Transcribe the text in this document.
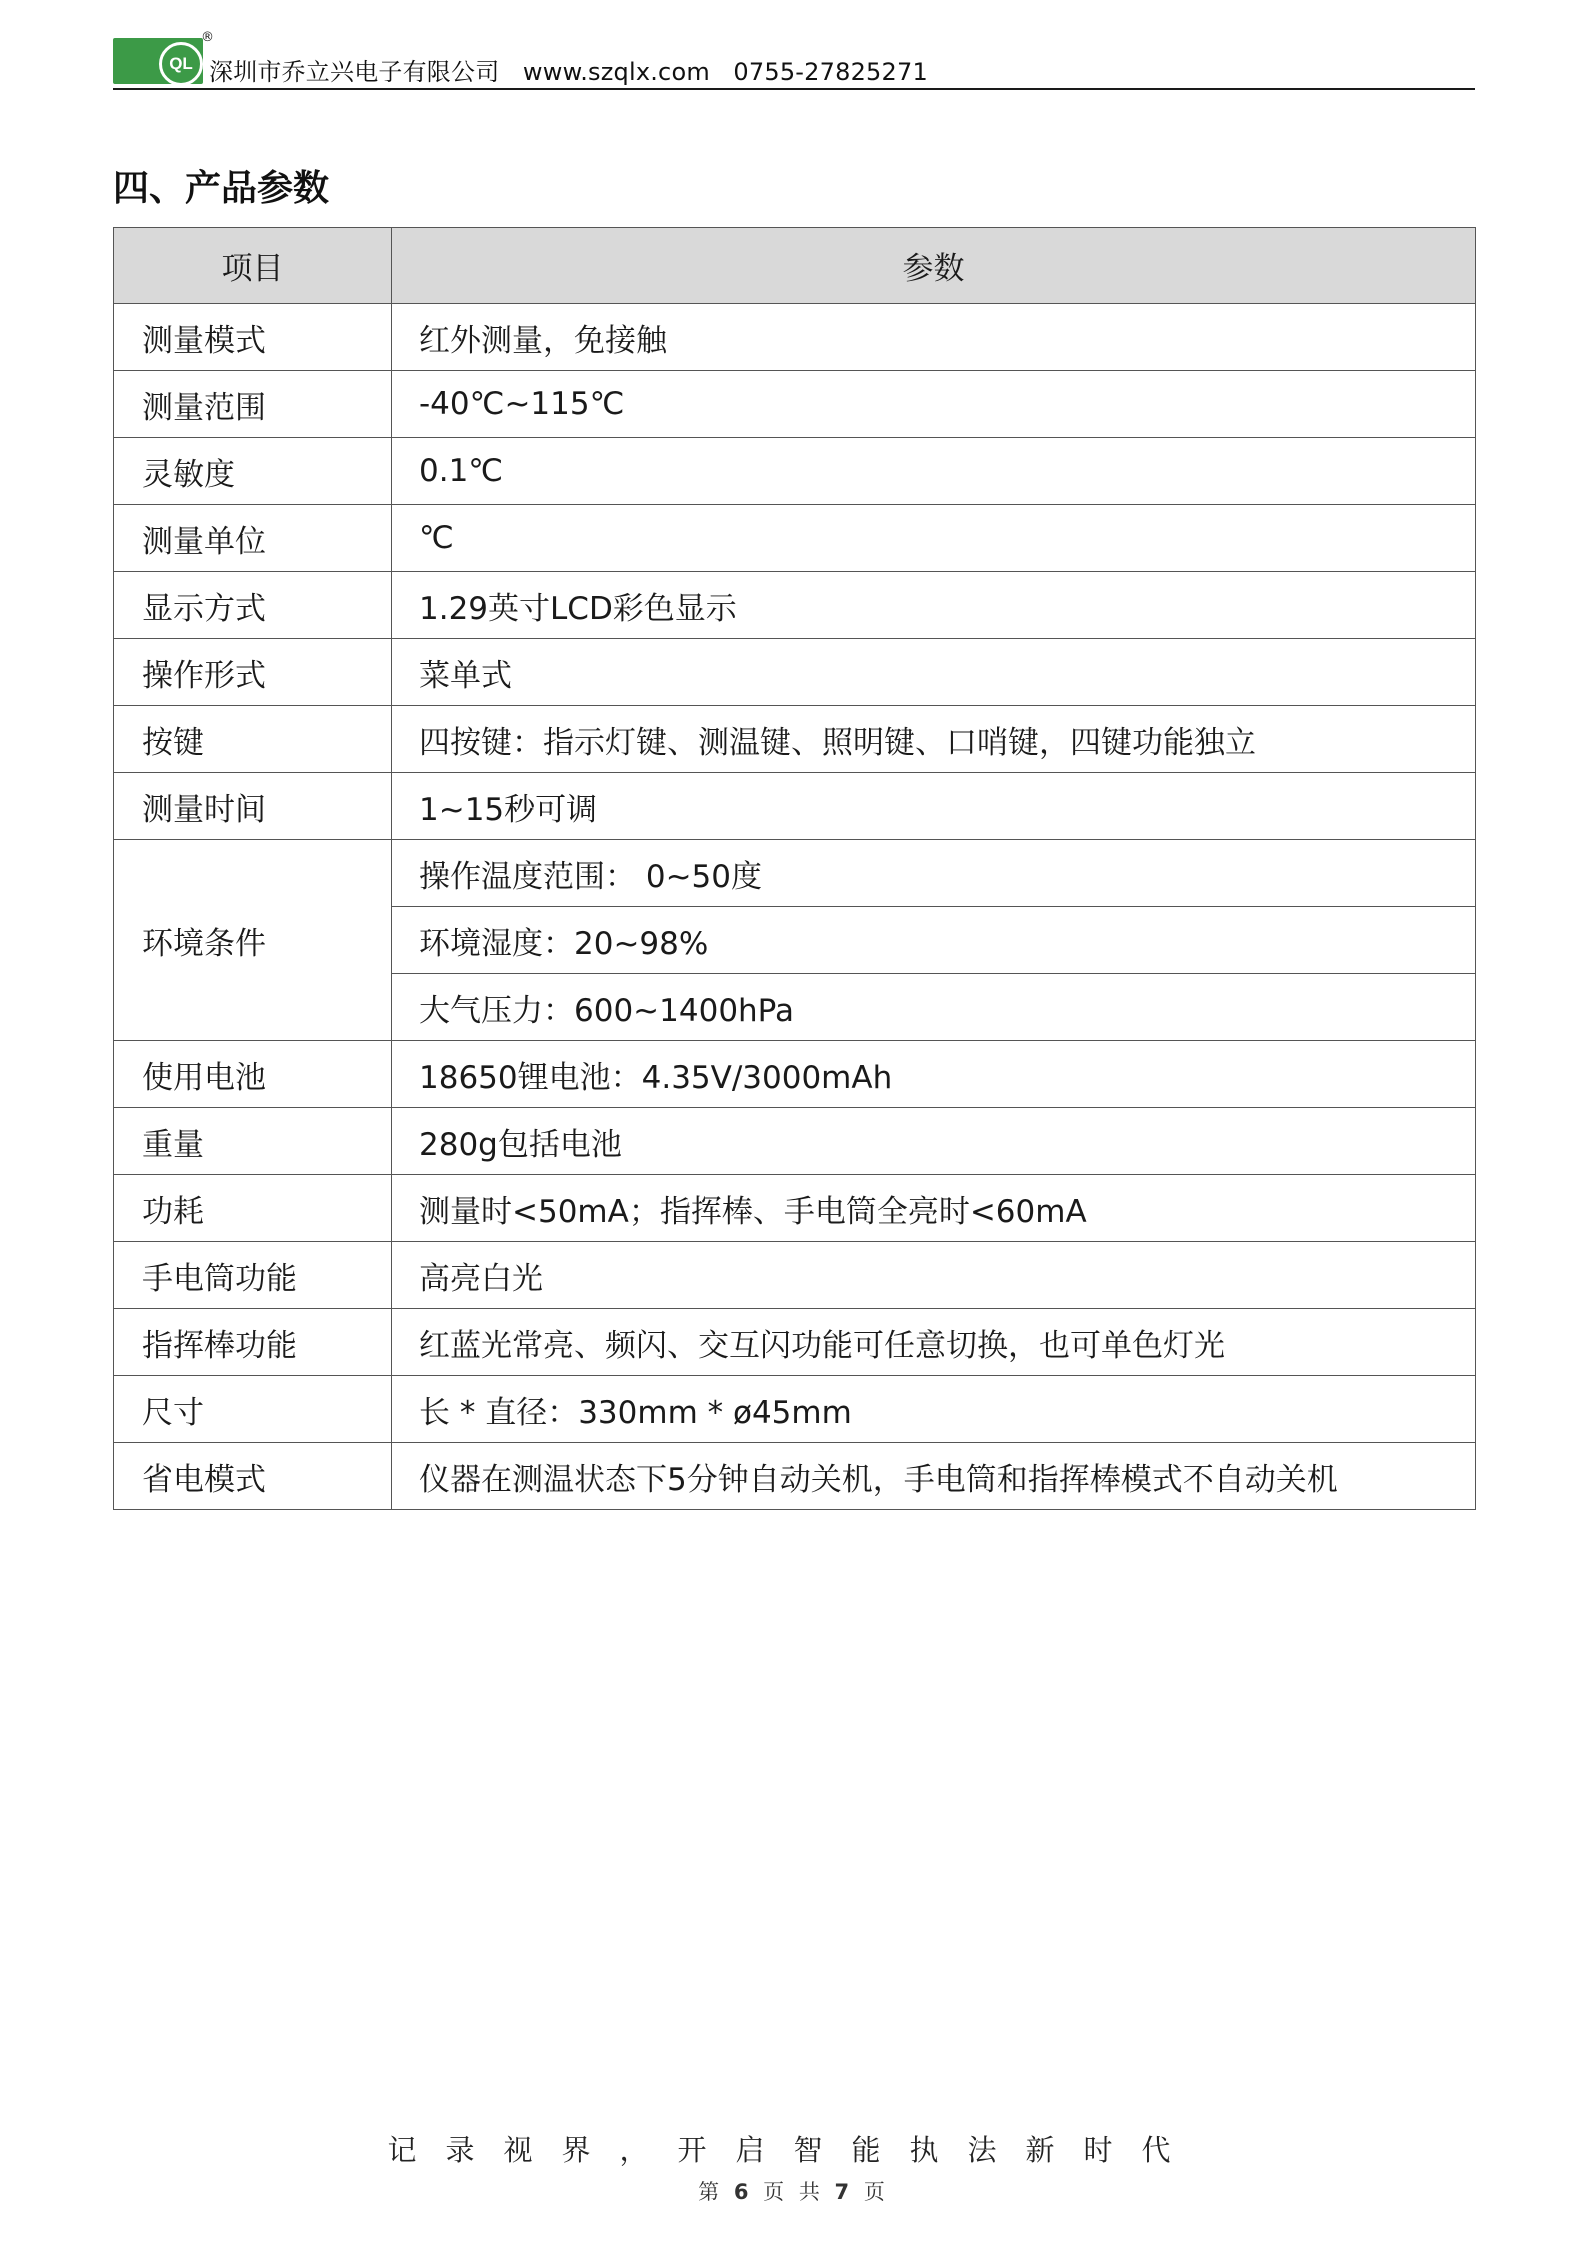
QL
®
深圳市乔立兴电子有限公司 www.szqlx.com 0755-27825271
四、产品参数
项目	参数
测量模式	红外测量，免接触
测量范围	-40℃~115℃
灵敏度	0.1℃
测量单位	℃
显示方式	1.29英寸LCD彩色显示
操作形式	菜单式
按键	四按键：指示灯键、测温键、照明键、口哨键，四键功能独立
测量时间	1~15秒可调
环境条件	操作温度范围： 0~50度
	环境湿度：20~98%
	大气压力：600~1400hPa
使用电池	18650锂电池：4.35V/3000mAh
重量	280g包括电池
功耗	测量时<50mA；指挥棒、手电筒全亮时<60mA
手电筒功能	高亮白光
指挥棒功能	红蓝光常亮、频闪、交互闪功能可任意切换，也可单色灯光
尺寸	长 * 直径：330mm * ø45mm
省电模式	仪器在测温状态下5分钟自动关机，手电筒和指挥棒模式不自动关机
记录视界，开启智能执法新时代
第 6 页 共 7 页
